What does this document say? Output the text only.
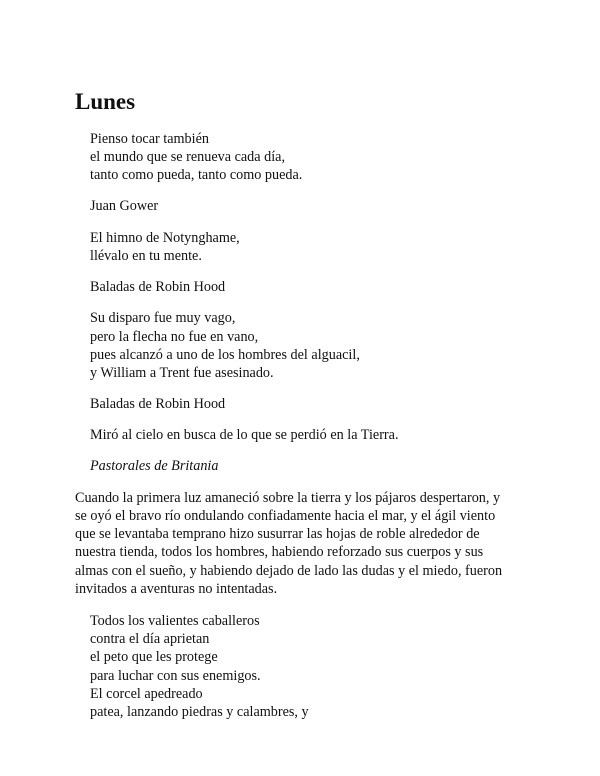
Lunes
Pienso tocar también
el mundo que se renueva cada día,
tanto como pueda, tanto como pueda.
Juan Gower
El himno de Notynghame,
llévalo en tu mente.
Baladas de Robin Hood
Su disparo fue muy vago,
pero la flecha no fue en vano,
pues alcanzó a uno de los hombres del alguacil,
y William a Trent fue asesinado.
Baladas de Robin Hood
Miró al cielo en busca de lo que se perdió en la Tierra.
Pastorales de Britania
Cuando la primera luz amaneció sobre la tierra y los pájaros despertaron, y
se oyó el bravo río ondulando confiadamente hacia el mar, y el ágil viento
que se levantaba temprano hizo susurrar las hojas de roble alrededor de
nuestra tienda, todos los hombres, habiendo reforzado sus cuerpos y sus
almas con el sueño, y habiendo dejado de lado las dudas y el miedo, fueron
invitados a aventuras no intentadas.
Todos los valientes caballeros
contra el día aprietan
el peto que les protege
para luchar con sus enemigos.
El corcel apedreado
patea, lanzando piedras y calambres, y
